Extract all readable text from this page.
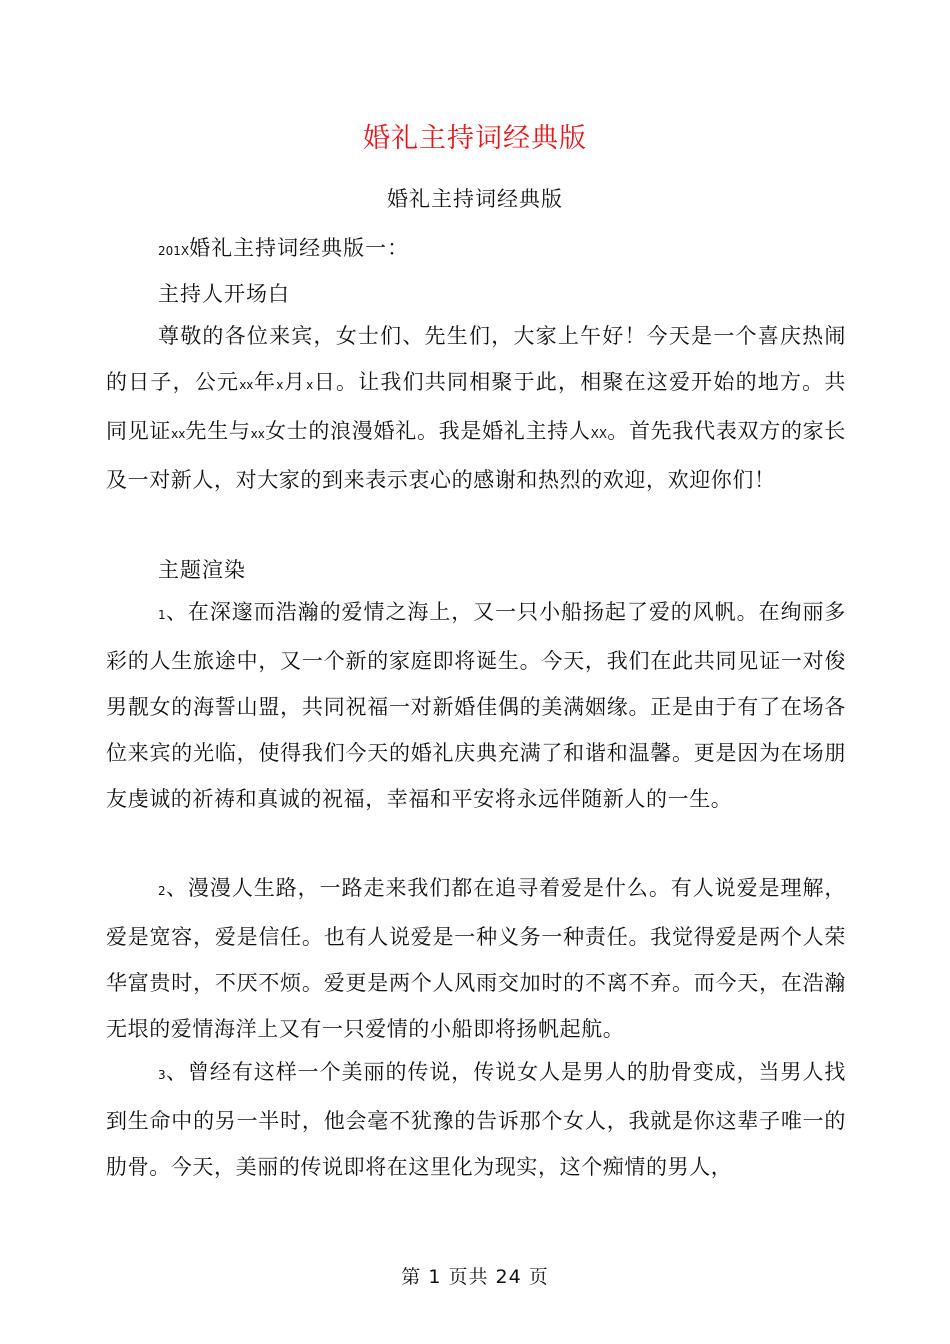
婚礼主持词经典版
婚礼主持词经典版
201X婚礼主持词经典版一：
主持人开场白
尊敬的各位来宾，女士们、先生们，大家上午好！今天是一个喜庆热闹的日子，公元xx年x月x日。让我们共同相聚于此，相聚在这爱开始的地方。共同见证xx先生与xx女士的浪漫婚礼。我是婚礼主持人XX。首先我代表双方的家长及一对新人，对大家的到来表示衷心的感谢和热烈的欢迎，欢迎你们！
主题渲染
1、在深邃而浩瀚的爱情之海上，又一只小船扬起了爱的风帆。在绚丽多彩的人生旅途中，又一个新的家庭即将诞生。今天，我们在此共同见证一对俊男靓女的海誓山盟，共同祝福一对新婚佳偶的美满姻缘。正是由于有了在场各位来宾的光临，使得我们今天的婚礼庆典充满了和谐和温馨。更是因为在场朋友虔诚的祈祷和真诚的祝福，幸福和平安将永远伴随新人的一生。
2、漫漫人生路，一路走来我们都在追寻着爱是什么。有人说爱是理解，爱是宽容，爱是信任。也有人说爱是一种义务一种责任。我觉得爱是两个人荣华富贵时，不厌不烦。爱更是两个人风雨交加时的不离不弃。而今天，在浩瀚无垠的爱情海洋上又有一只爱情的小船即将扬帆起航。
3、曾经有这样一个美丽的传说，传说女人是男人的肋骨变成，当男人找到生命中的另一半时，他会毫不犹豫的告诉那个女人，我就是你这辈子唯一的肋骨。今天，美丽的传说即将在这里化为现实，这个痴情的男人，
第 1 页共 24 页
